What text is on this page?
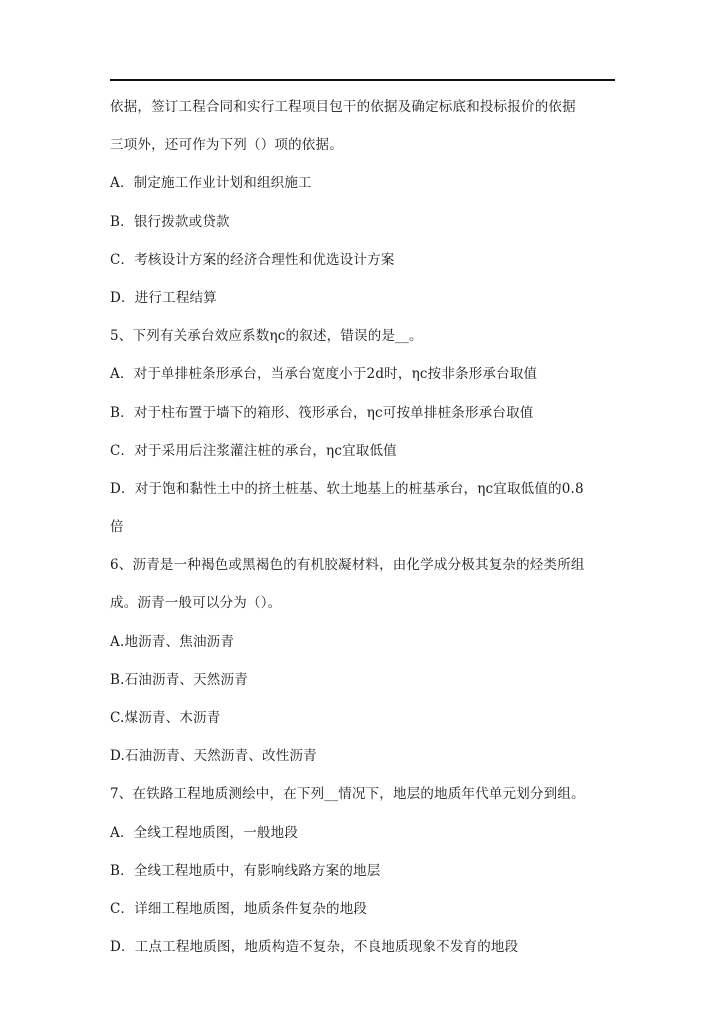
依据，签订工程合同和实行工程项目包干的依据及确定标底和投标报价的依据
三项外，还可作为下列（）项的依据。
A．制定施工作业计划和组织施工
B．银行拨款或贷款
C．考核设计方案的经济合理性和优选设计方案
D．进行工程结算
5、下列有关承台效应系数ηc的叙述，错误的是__。
A．对于单排桩条形承台，当承台宽度小于2d时，ηc按非条形承台取值
B．对于柱布置于墙下的箱形、筏形承台，ηc可按单排桩条形承台取值
C．对于采用后注浆灌注桩的承台，ηc宜取低值
D．对于饱和黏性土中的挤土桩基、软土地基上的桩基承台，ηc宜取低值的0.8
倍
6、沥青是一种褐色或黑褐色的有机胶凝材料，由化学成分极其复杂的烃类所组
成。沥青一般可以分为（）。
A.地沥青、焦油沥青
B.石油沥青、天然沥青
C.煤沥青、木沥青
D.石油沥青、天然沥青、改性沥青
7、在铁路工程地质测绘中，在下列__情况下，地层的地质年代单元划分到组。
A．全线工程地质图，一般地段
B．全线工程地质中，有影响线路方案的地层
C．详细工程地质图，地质条件复杂的地段
D．工点工程地质图，地质构造不复杂，不良地质现象不发育的地段
